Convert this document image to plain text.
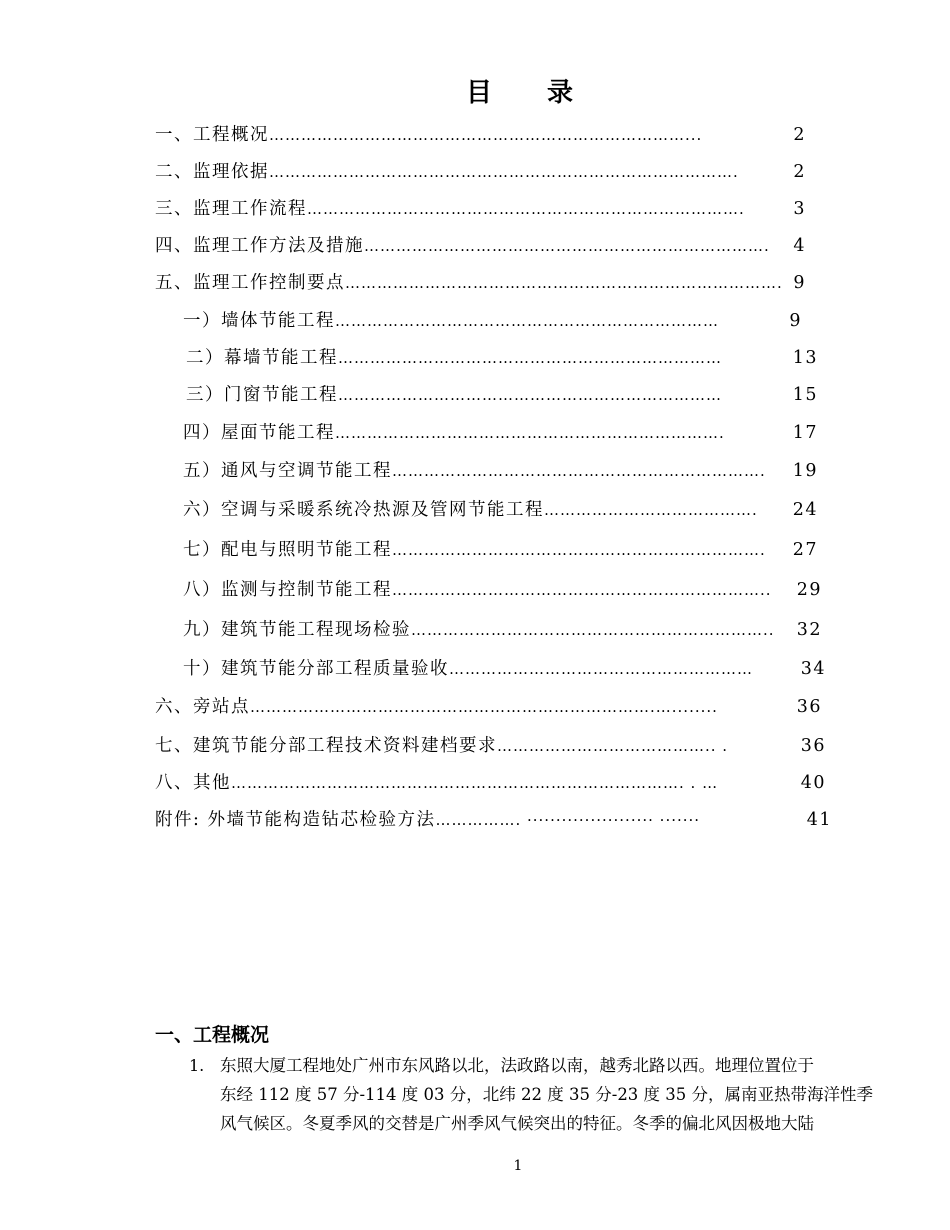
目 录
一、工程概况 ……………………………………………………………………...	2
二、监理依据 …………………………………………………………………………….	2
三、监理工作流程 ……………………………………………………………………….	3
四、监理工作方法及措施 ………………………………………………………………….	4
五、监理工作控制要点 ………………………………………………………………………. 9
一）墙体节能工程 ………………………………………………………………	9
二）幕墙节能工程 ………………………………………………………………	13
三）门窗节能工程 ………………………………………………………………	15
四）屋面节能工程 ……………………………………………………………….	17
五）通风与空调节能工程 …………………………………………………………….	19
六）空调与采暖系统冷热源及管网节能工程 ………………………………….	24
七）配电与照明节能工程 …………………………………………………………….	27
八）监测与控制节能工程 ……………………………………………………………..	29
九）建筑节能工程现场检验 …………………………………………………………..	32
十）建筑节能分部工程质量验收 …………………………………………………	34
六、旁站点 ………………………………………………………………….…........	36
七、建筑节能分部工程技术资料建档要求 ………………………………….. .	36
八、其他 …………………………………………………………………………. . …	40
附件: 外墙节能构造钻芯检验方法 ……………. ······················ ·······	41
一、工程概况
1. 东照大厦工程地处广州市东风路以北，法政路以南，越秀北路以西。地理位置位于
东经 112 度 57 分-114 度 03 分，北纬 22 度 35 分-23 度 35 分，属南亚热带海洋性季
风气候区。冬夏季风的交替是广州季风气候突出的特征。冬季的偏北风因极地大陆
1
